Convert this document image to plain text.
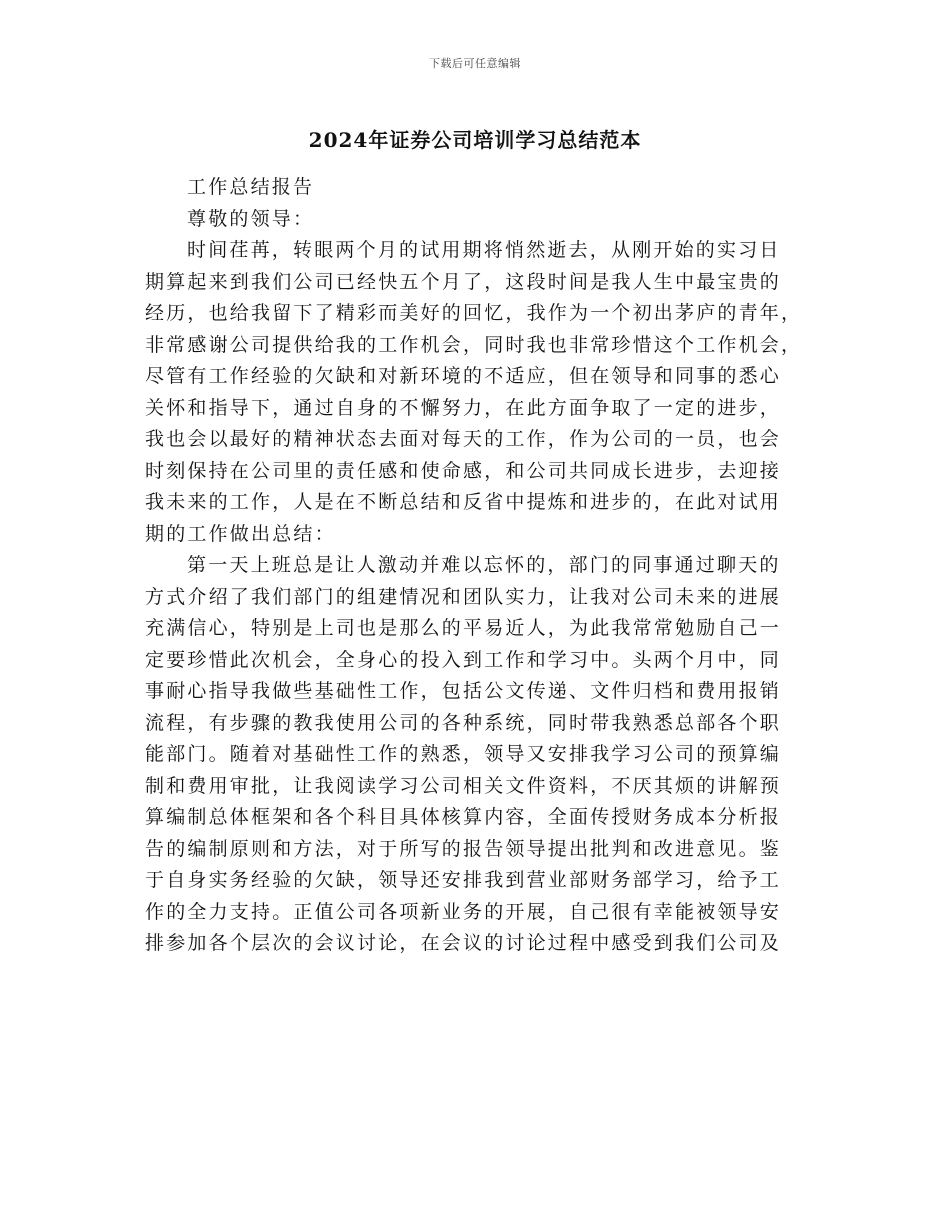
下载后可任意编辑
2024年证券公司培训学习总结范本
工作总结报告
尊敬的领导：
时间荏苒，转眼两个月的试用期将悄然逝去，从刚开始的实习日
期算起来到我们公司已经快五个月了，这段时间是我人生中最宝贵的
经历，也给我留下了精彩而美好的回忆，我作为一个初出茅庐的青年，
非常感谢公司提供给我的工作机会，同时我也非常珍惜这个工作机会，
尽管有工作经验的欠缺和对新环境的不适应，但在领导和同事的悉心
关怀和指导下，通过自身的不懈努力，在此方面争取了一定的进步，
我也会以最好的精神状态去面对每天的工作，作为公司的一员，也会
时刻保持在公司里的责任感和使命感，和公司共同成长进步，去迎接
我未来的工作，人是在不断总结和反省中提炼和进步的，在此对试用
期的工作做出总结：
第一天上班总是让人激动并难以忘怀的，部门的同事通过聊天的
方式介绍了我们部门的组建情况和团队实力，让我对公司未来的进展
充满信心，特别是上司也是那么的平易近人，为此我常常勉励自己一
定要珍惜此次机会，全身心的投入到工作和学习中。头两个月中，同
事耐心指导我做些基础性工作，包括公文传递、文件归档和费用报销
流程，有步骤的教我使用公司的各种系统，同时带我熟悉总部各个职
能部门。随着对基础性工作的熟悉，领导又安排我学习公司的预算编
制和费用审批，让我阅读学习公司相关文件资料，不厌其烦的讲解预
算编制总体框架和各个科目具体核算内容，全面传授财务成本分析报
告的编制原则和方法，对于所写的报告领导提出批判和改进意见。鉴
于自身实务经验的欠缺，领导还安排我到营业部财务部学习，给予工
作的全力支持。正值公司各项新业务的开展，自己很有幸能被领导安
排参加各个层次的会议讨论，在会议的讨论过程中感受到我们公司及
